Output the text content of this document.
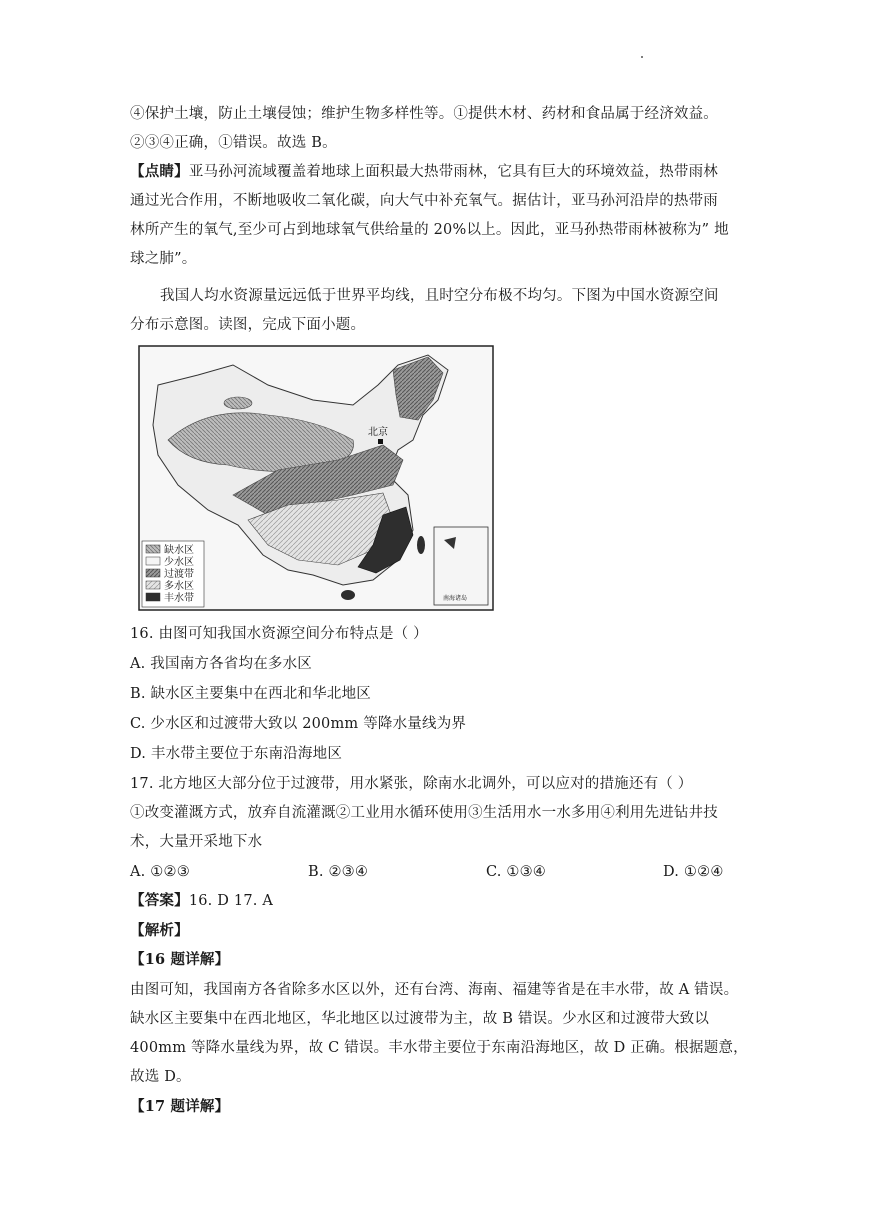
④保护土壤，防止土壤侵蚀；维护生物多样性等。①提供木材、药材和食品属于经济效益。
②③④正确，①错误。故选 B。
【点睛】亚马孙河流域覆盖着地球上面积最大热带雨林，它具有巨大的环境效益，热带雨林
通过光合作用，不断地吸收二氧化碳，向大气中补充氧气。据估计，亚马孙河沿岸的热带雨
林所产生的氧气,至少可占到地球氧气供给量的 20%以上。因此，亚马孙热带雨林被称为” 地
球之肺”。
我国人均水资源量远远低于世界平均线，且时空分布极不均匀。下图为中国水资源空间
分布示意图。读图，完成下面小题。
北京
南海诸岛
缺水区
少水区
过渡带
多水区
丰水带
16. 由图可知我国水资源空间分布特点是（ ）
A. 我国南方各省均在多水区
B. 缺水区主要集中在西北和华北地区
C. 少水区和过渡带大致以 200mm 等降水量线为界
D. 丰水带主要位于东南沿海地区
17. 北方地区大部分位于过渡带，用水紧张，除南水北调外，可以应对的措施还有（ ）
①改变灌溉方式，放弃自流灌溉②工业用水循环使用③生活用水一水多用④利用先进钻井技
术，大量开采地下水
A. ①②③	B. ②③④	C. ①③④	D. ①②④
【答案】16. D 17. A
【解析】
【16 题详解】
由图可知，我国南方各省除多水区以外，还有台湾、海南、福建等省是在丰水带，故 A 错误。
缺水区主要集中在西北地区，华北地区以过渡带为主，故 B 错误。少水区和过渡带大致以
400mm 等降水量线为界，故 C 错误。丰水带主要位于东南沿海地区，故 D 正确。根据题意，
故选 D。
【17 题详解】
